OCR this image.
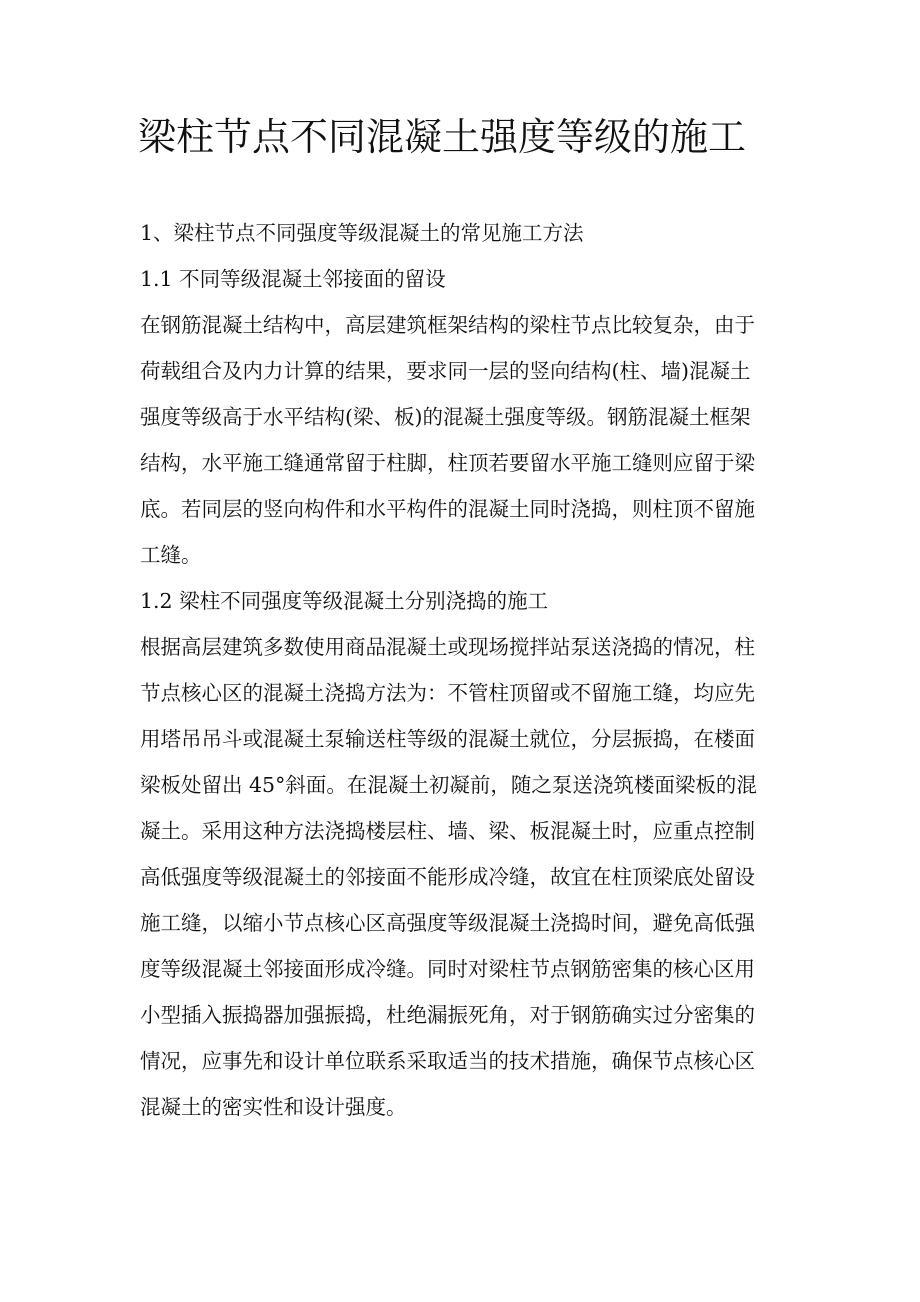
梁柱节点不同混凝土强度等级的施工
1、梁柱节点不同强度等级混凝土的常见施工方法
1.1 不同等级混凝土邻接面的留设
在钢筋混凝土结构中，高层建筑框架结构的梁柱节点比较复杂，由于
荷载组合及内力计算的结果，要求同一层的竖向结构(柱、墙)混凝土
强度等级高于水平结构(梁、板)的混凝土强度等级。钢筋混凝土框架
结构，水平施工缝通常留于柱脚，柱顶若要留水平施工缝则应留于梁
底。若同层的竖向构件和水平构件的混凝土同时浇捣，则柱顶不留施
工缝。
1.2 梁柱不同强度等级混凝土分别浇捣的施工
根据高层建筑多数使用商品混凝土或现场搅拌站泵送浇捣的情况，柱
节点核心区的混凝土浇捣方法为：不管柱顶留或不留施工缝，均应先
用塔吊吊斗或混凝土泵输送柱等级的混凝土就位，分层振捣，在楼面
梁板处留出 45°斜面。在混凝土初凝前，随之泵送浇筑楼面梁板的混
凝土。采用这种方法浇捣楼层柱、墙、梁、板混凝土时，应重点控制
高低强度等级混凝土的邻接面不能形成冷缝，故宜在柱顶梁底处留设
施工缝，以缩小节点核心区高强度等级混凝土浇捣时间，避免高低强
度等级混凝土邻接面形成冷缝。同时对梁柱节点钢筋密集的核心区用
小型插入振捣器加强振捣，杜绝漏振死角，对于钢筋确实过分密集的
情况，应事先和设计单位联系采取适当的技术措施，确保节点核心区
混凝土的密实性和设计强度。
